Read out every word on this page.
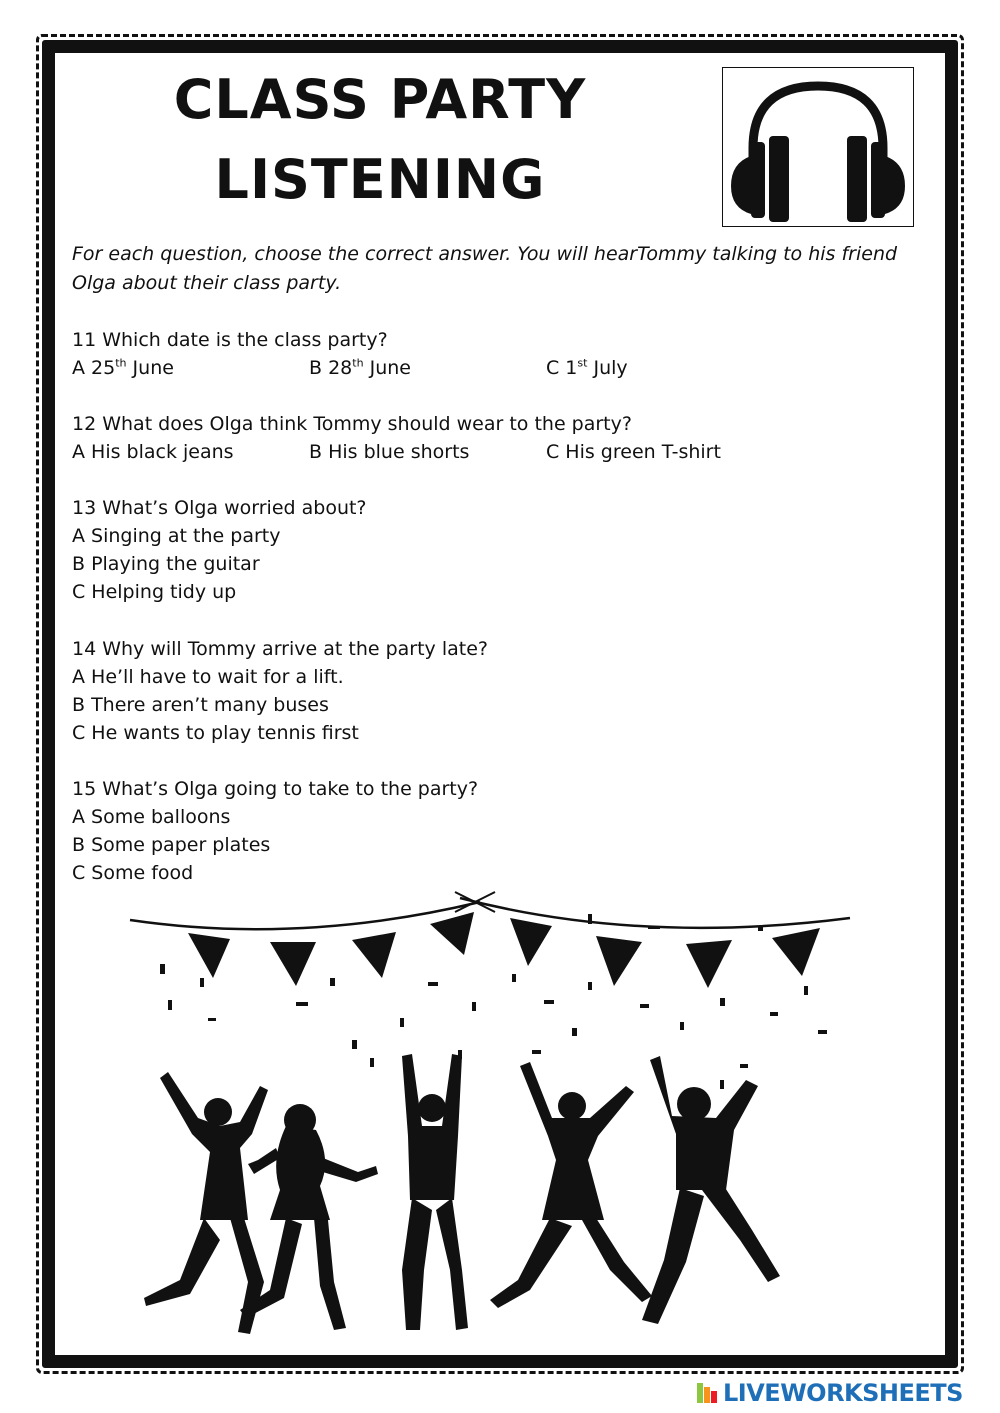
CLASS PARTY
LISTENING
For each question, choose the correct answer. You will hearTommy talking to his friend Olga about their class party.
11 Which date is the class party?
A 25th June	B 28th June	C 1st July
12 What does Olga think Tommy should wear to the party?
A His black jeans	B His blue shorts	C His green T-shirt
13 What’s Olga worried about?
A Singing at the party
B Playing the guitar
C Helping tidy up
14 Why will Tommy arrive at the party late?
A He’ll have to wait for a lift.
B There aren’t many buses
C He wants to play tennis first
15 What’s Olga going to take to the party?
A Some balloons
B Some paper plates
C Some food
LIVEWORKSHEETS
